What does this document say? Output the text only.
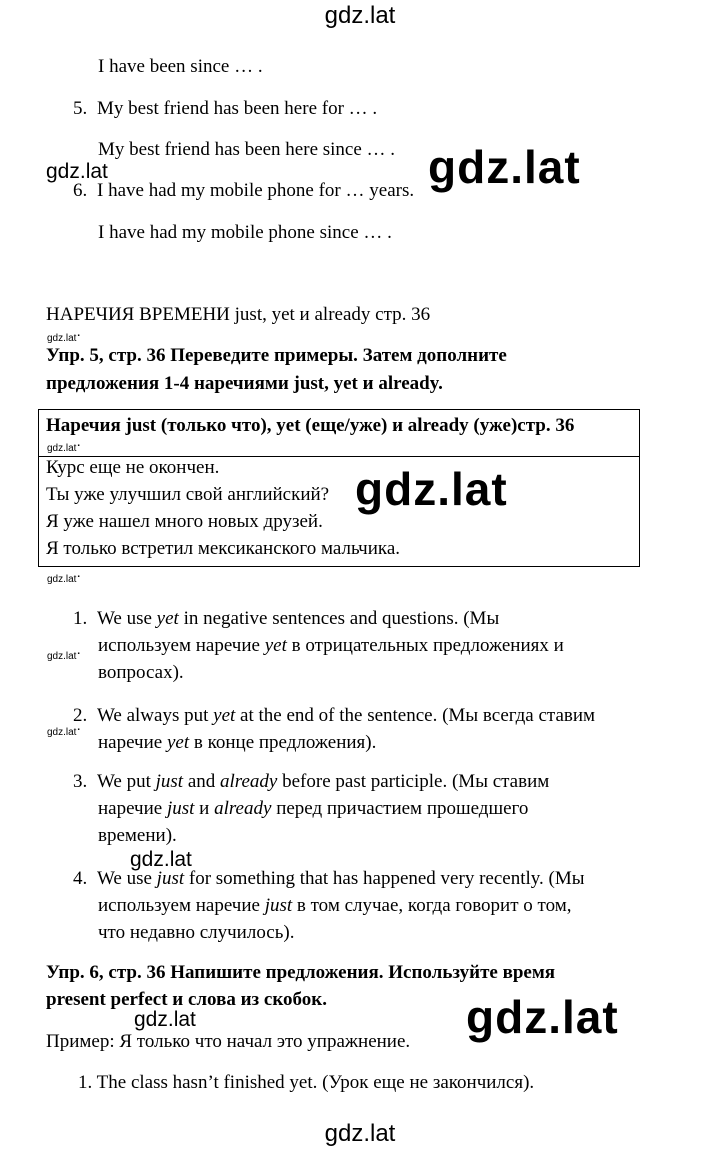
gdz.lat
gdz.lat
gdz.lat
gdz.lat
gdz.lat
gdz.lat
gdz.lat
gdz.lat
gdz.lat ▪
gdz.lat ▪
gdz.lat ▪
gdz.lat ▪
gdz.lat ▪
I have been since … .
5. My best friend has been here for … .
My best friend has been here since … .
6. I have had my mobile phone for … years.
I have had my mobile phone since … .
НАРЕЧИЯ ВРЕМЕНИ just, yet и already стр. 36
Упр. 5, стр. 36 Переведите примеры. Затем дополните
предложения 1-4 наречиями just, yet и already.
Наречия just (только что), yet (еще/уже) и already (уже)стр. 36
Курс еще не окончен.
Ты уже улучшил свой английский?
Я уже нашел много новых друзей.
Я только встретил мексиканского мальчика.
1. We use yet in negative sentences and questions. (Мы
используем наречие yet в отрицательных предложениях и
вопросах).
2. We always put yet at the end of the sentence. (Мы всегда ставим
наречие yet в конце предложения).
3. We put just and already before past participle. (Мы ставим
наречие just и already перед причастием прошедшего
времени).
4. We use just for something that has happened very recently. (Мы
используем наречие just в том случае, когда говорит о том,
что недавно случилось).
Упр. 6, стр. 36 Напишите предложения. Используйте время
present perfect и слова из скобок.
Пример: Я только что начал это упражнение.
1. The class hasn’t finished yet. (Урок еще не закончился).
